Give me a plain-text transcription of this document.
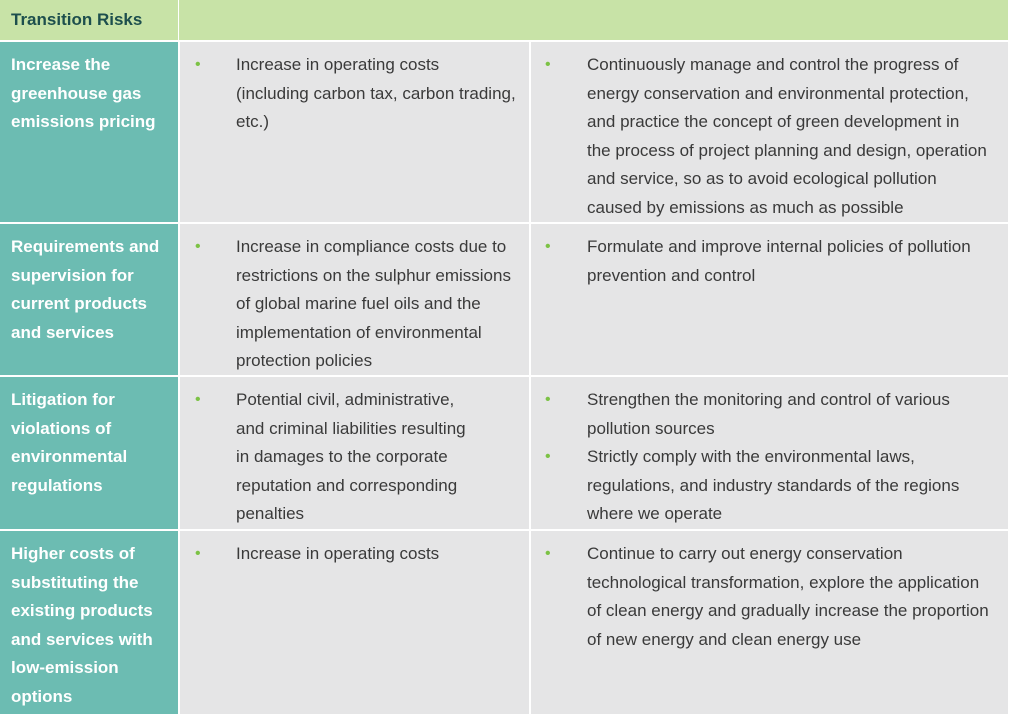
Transition Risks
Increase the greenhouse gas emissions pricing
• Increase in operating costs (including carbon tax, carbon trading, etc.)
• Continuously manage and control the progress of energy conservation and environmental protection, and practice the concept of green development in the process of project planning and design, operation and service, so as to avoid ecological pollution caused by emissions as much as possible
Requirements and supervision for current products and services
• Increase in compliance costs due to restrictions on the sulphur emissions of global marine fuel oils and the implementation of environmental protection policies
• Formulate and improve internal policies of pollution prevention and control
Litigation for violations of environmental regulations
• Potential civil, administrative, and criminal liabilities resulting in damages to the corporate reputation and corresponding penalties
• Strengthen the monitoring and control of various pollution sources
• Strictly comply with the environmental laws, regulations, and industry standards of the regions where we operate
Higher costs of substituting the existing products and services with low-emission options
• Increase in operating costs	• Continue to carry out energy conservation technological transformation, explore the application of clean energy and gradually increase the proportion of new energy and clean energy use
